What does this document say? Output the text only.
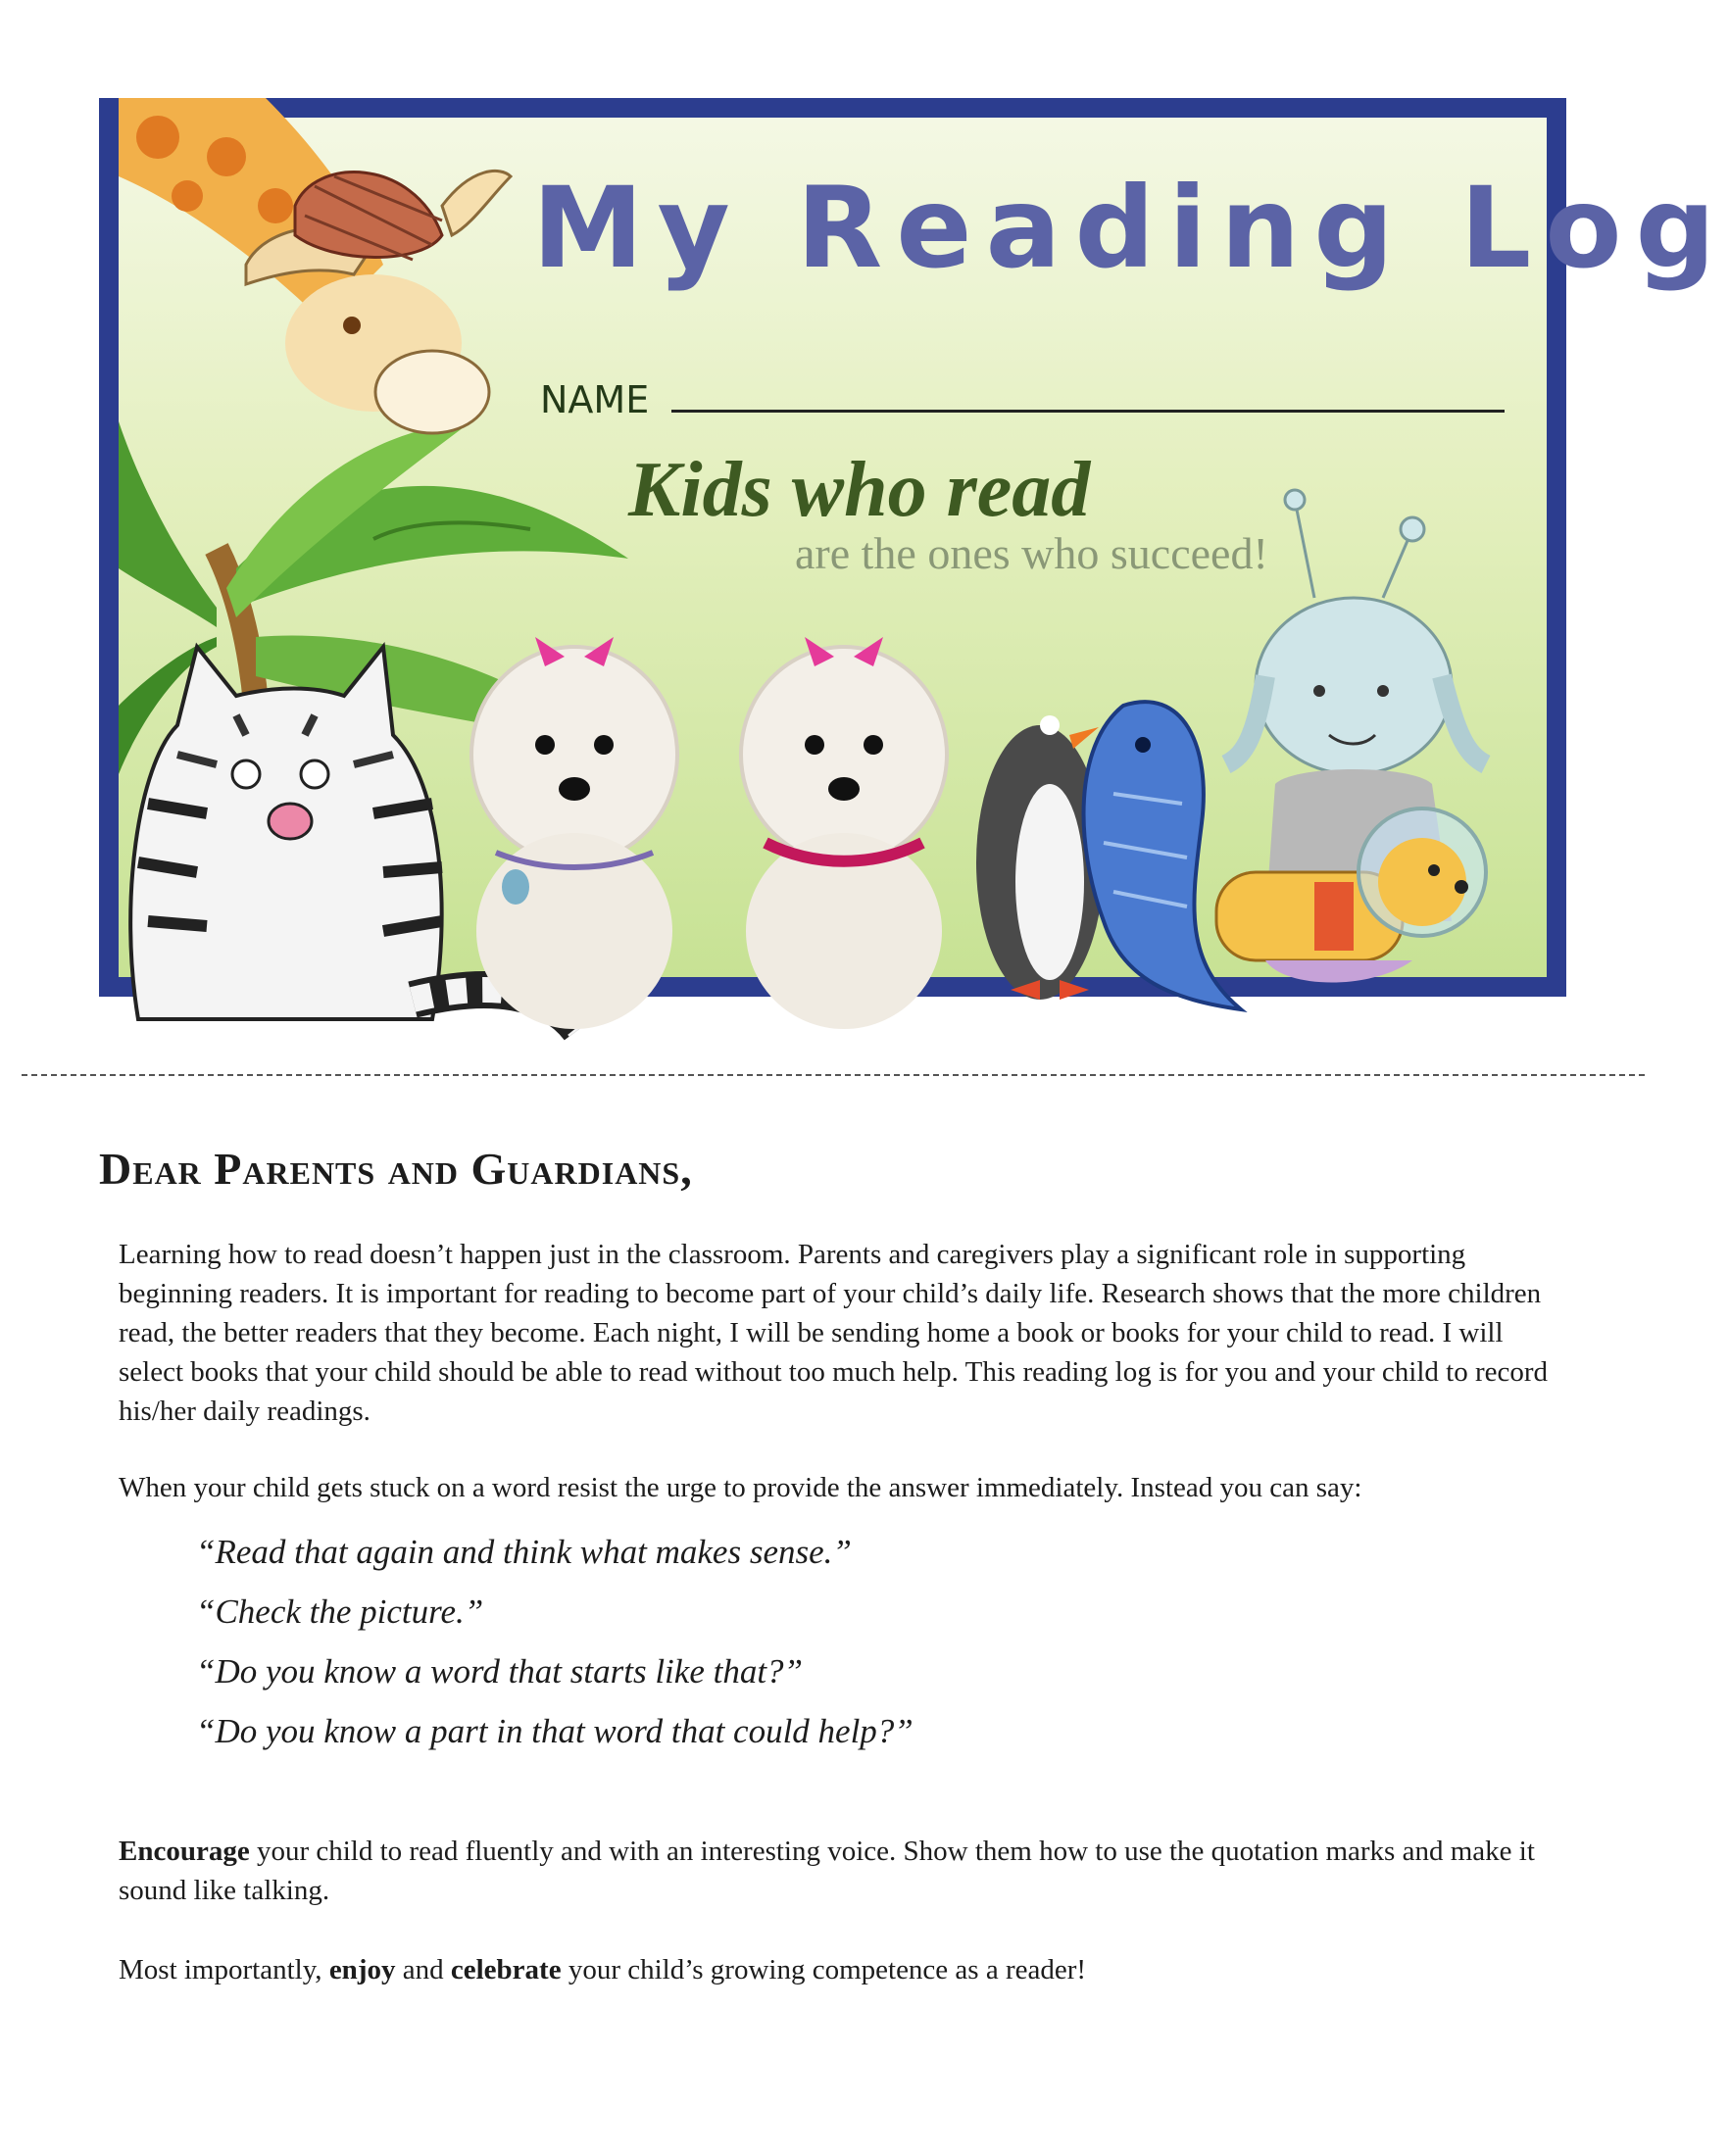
My Reading Log
NAME
Kids who read
are the ones who succeed!
Dear Parents and Guardians,

Learning how to read doesn’t happen just in the classroom. Parents and caregivers play a significant role in supporting beginning readers. It is important for reading to become part of your child’s daily life. Research shows that the more children read, the better readers that they become. Each night, I will be sending home a book or books for your child to read. I will select books that your child should be able to read without too much help. This reading log is for you and your child to record his/her daily readings.

When your child gets stuck on a word resist the urge to provide the answer immediately. Instead you can say:

“Read that again and think what makes sense.”
“Check the picture.”
“Do you know a word that starts like that?”
“Do you know a part in that word that could help?”

Encourage your child to read fluently and with an interesting voice. Show them how to use the quotation marks and make it sound like talking.

Most importantly, enjoy and celebrate your child’s growing competence as a reader!
